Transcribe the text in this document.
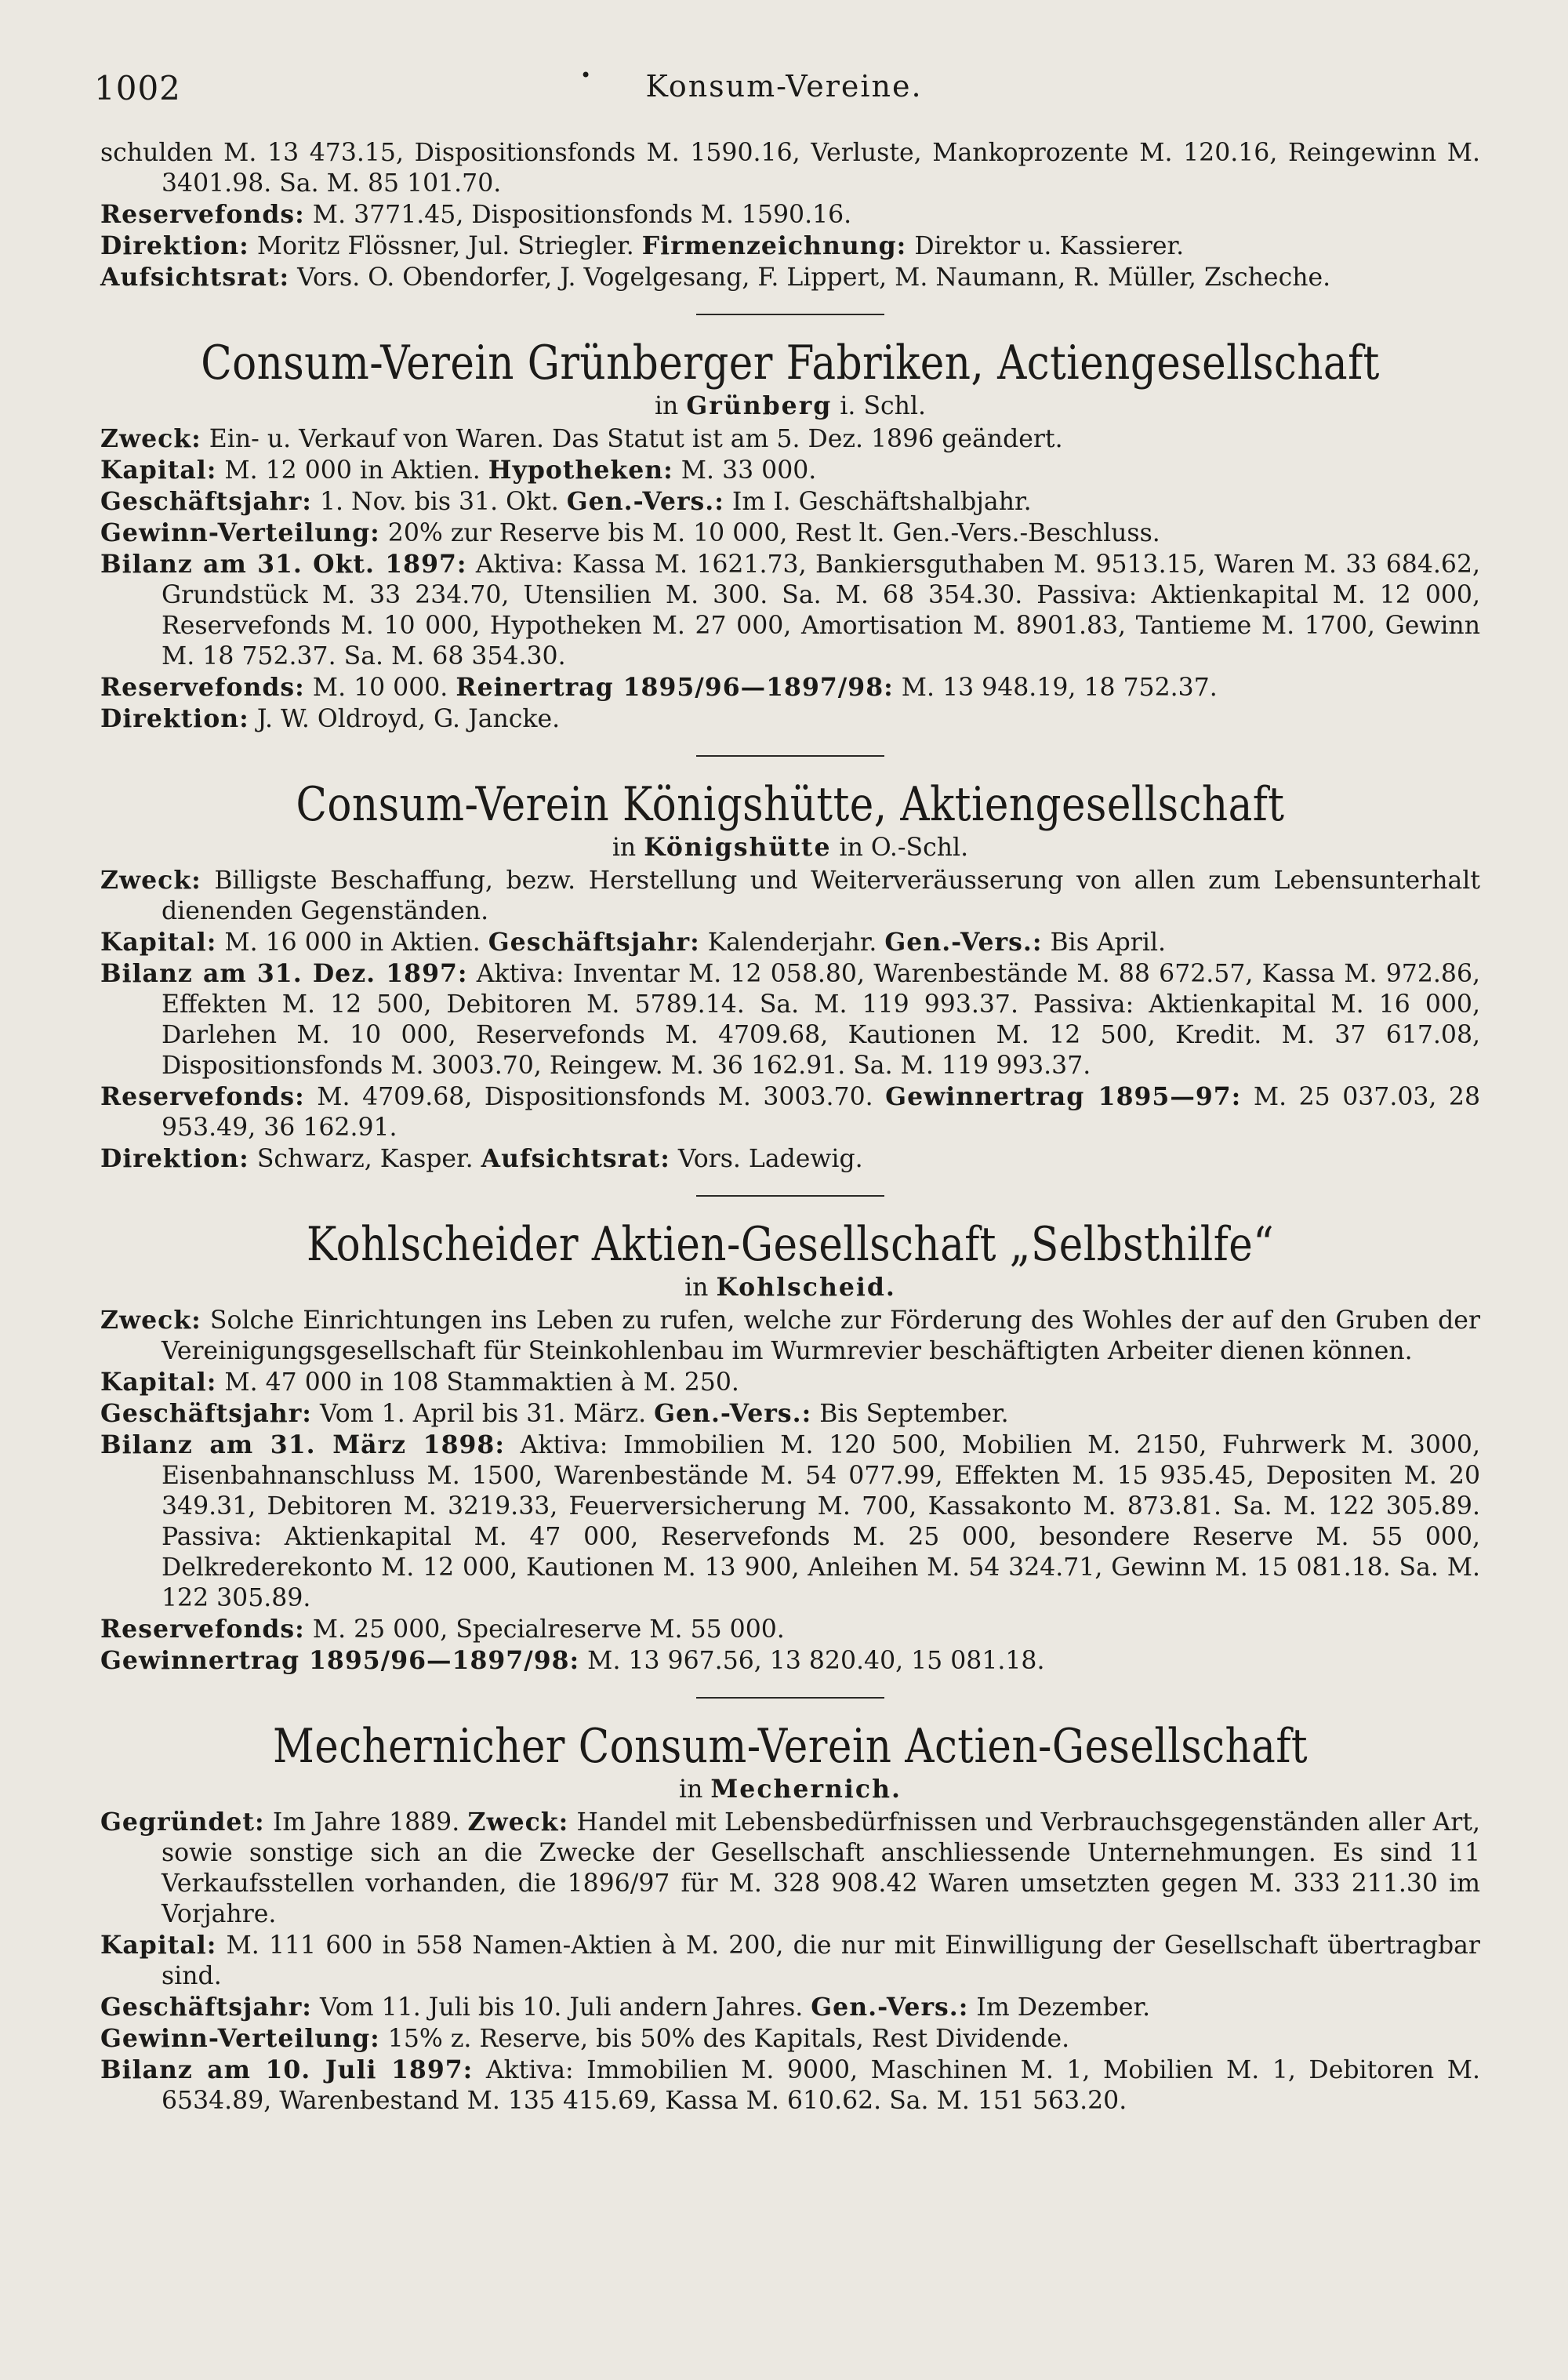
1002	•	Konsum-Vereine.

schulden M. 13 473.15, Dispositionsfonds M. 1590.16, Verluste, Mankoprozente M. 120.16, Reingewinn M. 3401.98. Sa. M. 85 101.70.

Reservefonds: M. 3771.45, Dispositionsfonds M. 1590.16.

Direktion: Moritz Flössner, Jul. Striegler. Firmenzeichnung: Direktor u. Kassierer.

Aufsichtsrat: Vors. O. Obendorfer, J. Vogelgesang, F. Lippert, M. Naumann, R. Müller, Zscheche.

Consum-Verein Grünberger Fabriken, Actiengesellschaft

in Grünberg i. Schl.

Zweck: Ein- u. Verkauf von Waren. Das Statut ist am 5. Dez. 1896 geändert.

Kapital: M. 12 000 in Aktien. Hypotheken: M. 33 000.

Geschäftsjahr: 1. Nov. bis 31. Okt. Gen.-Vers.: Im I. Geschäftshalbjahr.

Gewinn-Verteilung: 20% zur Reserve bis M. 10 000, Rest lt. Gen.-Vers.-Beschluss.

Bilanz am 31. Okt. 1897: Aktiva: Kassa M. 1621.73, Bankiersguthaben M. 9513.15, Waren M. 33 684.62, Grundstück M. 33 234.70, Utensilien M. 300. Sa. M. 68 354.30. Passiva: Aktienkapital M. 12 000, Reservefonds M. 10 000, Hypotheken M. 27 000, Amortisation M. 8901.83, Tantieme M. 1700, Gewinn M. 18 752.37. Sa. M. 68 354.30.

Reservefonds: M. 10 000. Reinertrag 1895/96—1897/98: M. 13 948.19, 18 752.37.

Direktion: J. W. Oldroyd, G. Jancke.

Consum-Verein Königshütte, Aktiengesellschaft

in Königshütte in O.-Schl.

Zweck: Billigste Beschaffung, bezw. Herstellung und Weiterveräusserung von allen zum Lebensunterhalt dienenden Gegenständen.

Kapital: M. 16 000 in Aktien. Geschäftsjahr: Kalenderjahr. Gen.-Vers.: Bis April.

Bilanz am 31. Dez. 1897: Aktiva: Inventar M. 12 058.80, Warenbestände M. 88 672.57, Kassa M. 972.86, Effekten M. 12 500, Debitoren M. 5789.14. Sa. M. 119 993.37. Passiva: Aktienkapital M. 16 000, Darlehen M. 10 000, Reservefonds M. 4709.68, Kautionen M. 12 500, Kredit. M. 37 617.08, Dispositionsfonds M. 3003.70, Reingew. M. 36 162.91. Sa. M. 119 993.37.

Reservefonds: M. 4709.68, Dispositionsfonds M. 3003.70. Gewinnertrag 1895—97: M. 25 037.03, 28 953.49, 36 162.91.

Direktion: Schwarz, Kasper. Aufsichtsrat: Vors. Ladewig.

Kohlscheider Aktien-Gesellschaft „Selbsthilfe“

in Kohlscheid.

Zweck: Solche Einrichtungen ins Leben zu rufen, welche zur Förderung des Wohles der auf den Gruben der Vereinigungsgesellschaft für Steinkohlenbau im Wurmrevier beschäftigten Arbeiter dienen können.

Kapital: M. 47 000 in 108 Stammaktien à M. 250.

Geschäftsjahr: Vom 1. April bis 31. März. Gen.-Vers.: Bis September.

Bilanz am 31. März 1898: Aktiva: Immobilien M. 120 500, Mobilien M. 2150, Fuhrwerk M. 3000, Eisenbahnanschluss M. 1500, Warenbestände M. 54 077.99, Effekten M. 15 935.45, Depositen M. 20 349.31, Debitoren M. 3219.33, Feuerversicherung M. 700, Kassakonto M. 873.81. Sa. M. 122 305.89. Passiva: Aktienkapital M. 47 000, Reservefonds M. 25 000, besondere Reserve M. 55 000, Delkrederekonto M. 12 000, Kautionen M. 13 900, Anleihen M. 54 324.71, Gewinn M. 15 081.18. Sa. M. 122 305.89.

Reservefonds: M. 25 000, Specialreserve M. 55 000.

Gewinnertrag 1895/96—1897/98: M. 13 967.56, 13 820.40, 15 081.18.

Mechernicher Consum-Verein Actien-Gesellschaft

in Mechernich.

Gegründet: Im Jahre 1889. Zweck: Handel mit Lebensbedürfnissen und Verbrauchsgegenständen aller Art, sowie sonstige sich an die Zwecke der Gesellschaft anschliessende Unternehmungen. Es sind 11 Verkaufsstellen vorhanden, die 1896/97 für M. 328 908.42 Waren umsetzten gegen M. 333 211.30 im Vorjahre.

Kapital: M. 111 600 in 558 Namen-Aktien à M. 200, die nur mit Einwilligung der Gesellschaft übertragbar sind.

Geschäftsjahr: Vom 11. Juli bis 10. Juli andern Jahres. Gen.-Vers.: Im Dezember.

Gewinn-Verteilung: 15% z. Reserve, bis 50% des Kapitals, Rest Dividende.

Bilanz am 10. Juli 1897: Aktiva: Immobilien M. 9000, Maschinen M. 1, Mobilien M. 1, Debitoren M. 6534.89, Warenbestand M. 135 415.69, Kassa M. 610.62. Sa. M. 151 563.20.
